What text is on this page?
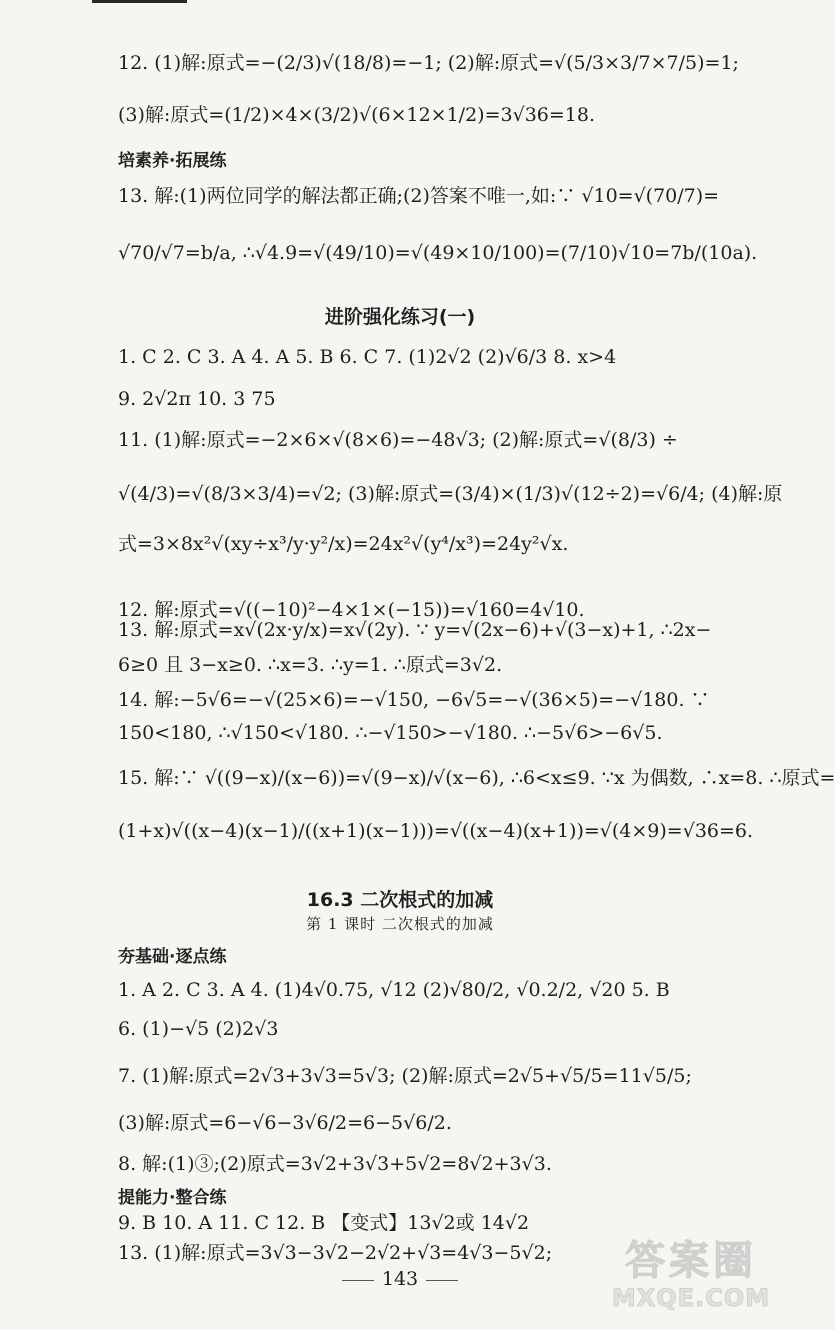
12. (1)解:原式=−(2/3)√(18/8)=−1; (2)解:原式=√(5/3×3/7×7/5)=1;
(3)解:原式=(1/2)×4×(3/2)√(6×12×1/2)=3√36=18.
培素养·拓展练
13. 解:(1)两位同学的解法都正确;(2)答案不唯一,如:∵ √10=√(70/7)=
√70/√7=b/a, ∴√4.9=√(49/10)=√(49×10/100)=(7/10)√10=7b/(10a).
进阶强化练习(一)
1. C 2. C 3. A 4. A 5. B 6. C 7. (1)2√2 (2)√6/3 8. x>4
9. 2√2π 10. 3 75
11. (1)解:原式=−2×6×√(8×6)=−48√3; (2)解:原式=√(8/3) ÷
√(4/3)=√(8/3×3/4)=√2; (3)解:原式=(3/4)×(1/3)√(12÷2)=√6/4; (4)解:原
式=3×8x²√(xy÷x³/y·y²/x)=24x²√(y⁴/x³)=24y²√x.
12. 解:原式=√((−10)²−4×1×(−15))=√160=4√10.
13. 解:原式=x√(2x·y/x)=x√(2y). ∵ y=√(2x−6)+√(3−x)+1, ∴2x−
6≥0 且 3−x≥0. ∴x=3. ∴y=1. ∴原式=3√2.
14. 解:−5√6=−√(25×6)=−√150, −6√5=−√(36×5)=−√180. ∵
150<180, ∴√150<√180. ∴−√150>−√180. ∴−5√6>−6√5.
15. 解:∵ √((9−x)/(x−6))=√(9−x)/√(x−6), ∴6<x≤9. ∵x 为偶数, ∴x=8. ∴原式=
(1+x)√((x−4)(x−1)/((x+1)(x−1)))=√((x−4)(x+1))=√(4×9)=√36=6.
16.3 二次根式的加减
第 1 课时 二次根式的加减
夯基础·逐点练
1. A 2. C 3. A 4. (1)4√0.75, √12 (2)√80/2, √0.2/2, √20 5. B
6. (1)−√5 (2)2√3
7. (1)解:原式=2√3+3√3=5√3; (2)解:原式=2√5+√5/5=11√5/5;
(3)解:原式=6−√6−3√6/2=6−5√6/2.
8. 解:(1)③;(2)原式=3√2+3√3+5√2=8√2+3√3.
提能力·整合练
9. B 10. A 11. C 12. B 【变式】13√2或 14√2
13. (1)解:原式=3√3−3√2−2√2+√3=4√3−5√2;
143	答案圈
MXQE.COM
